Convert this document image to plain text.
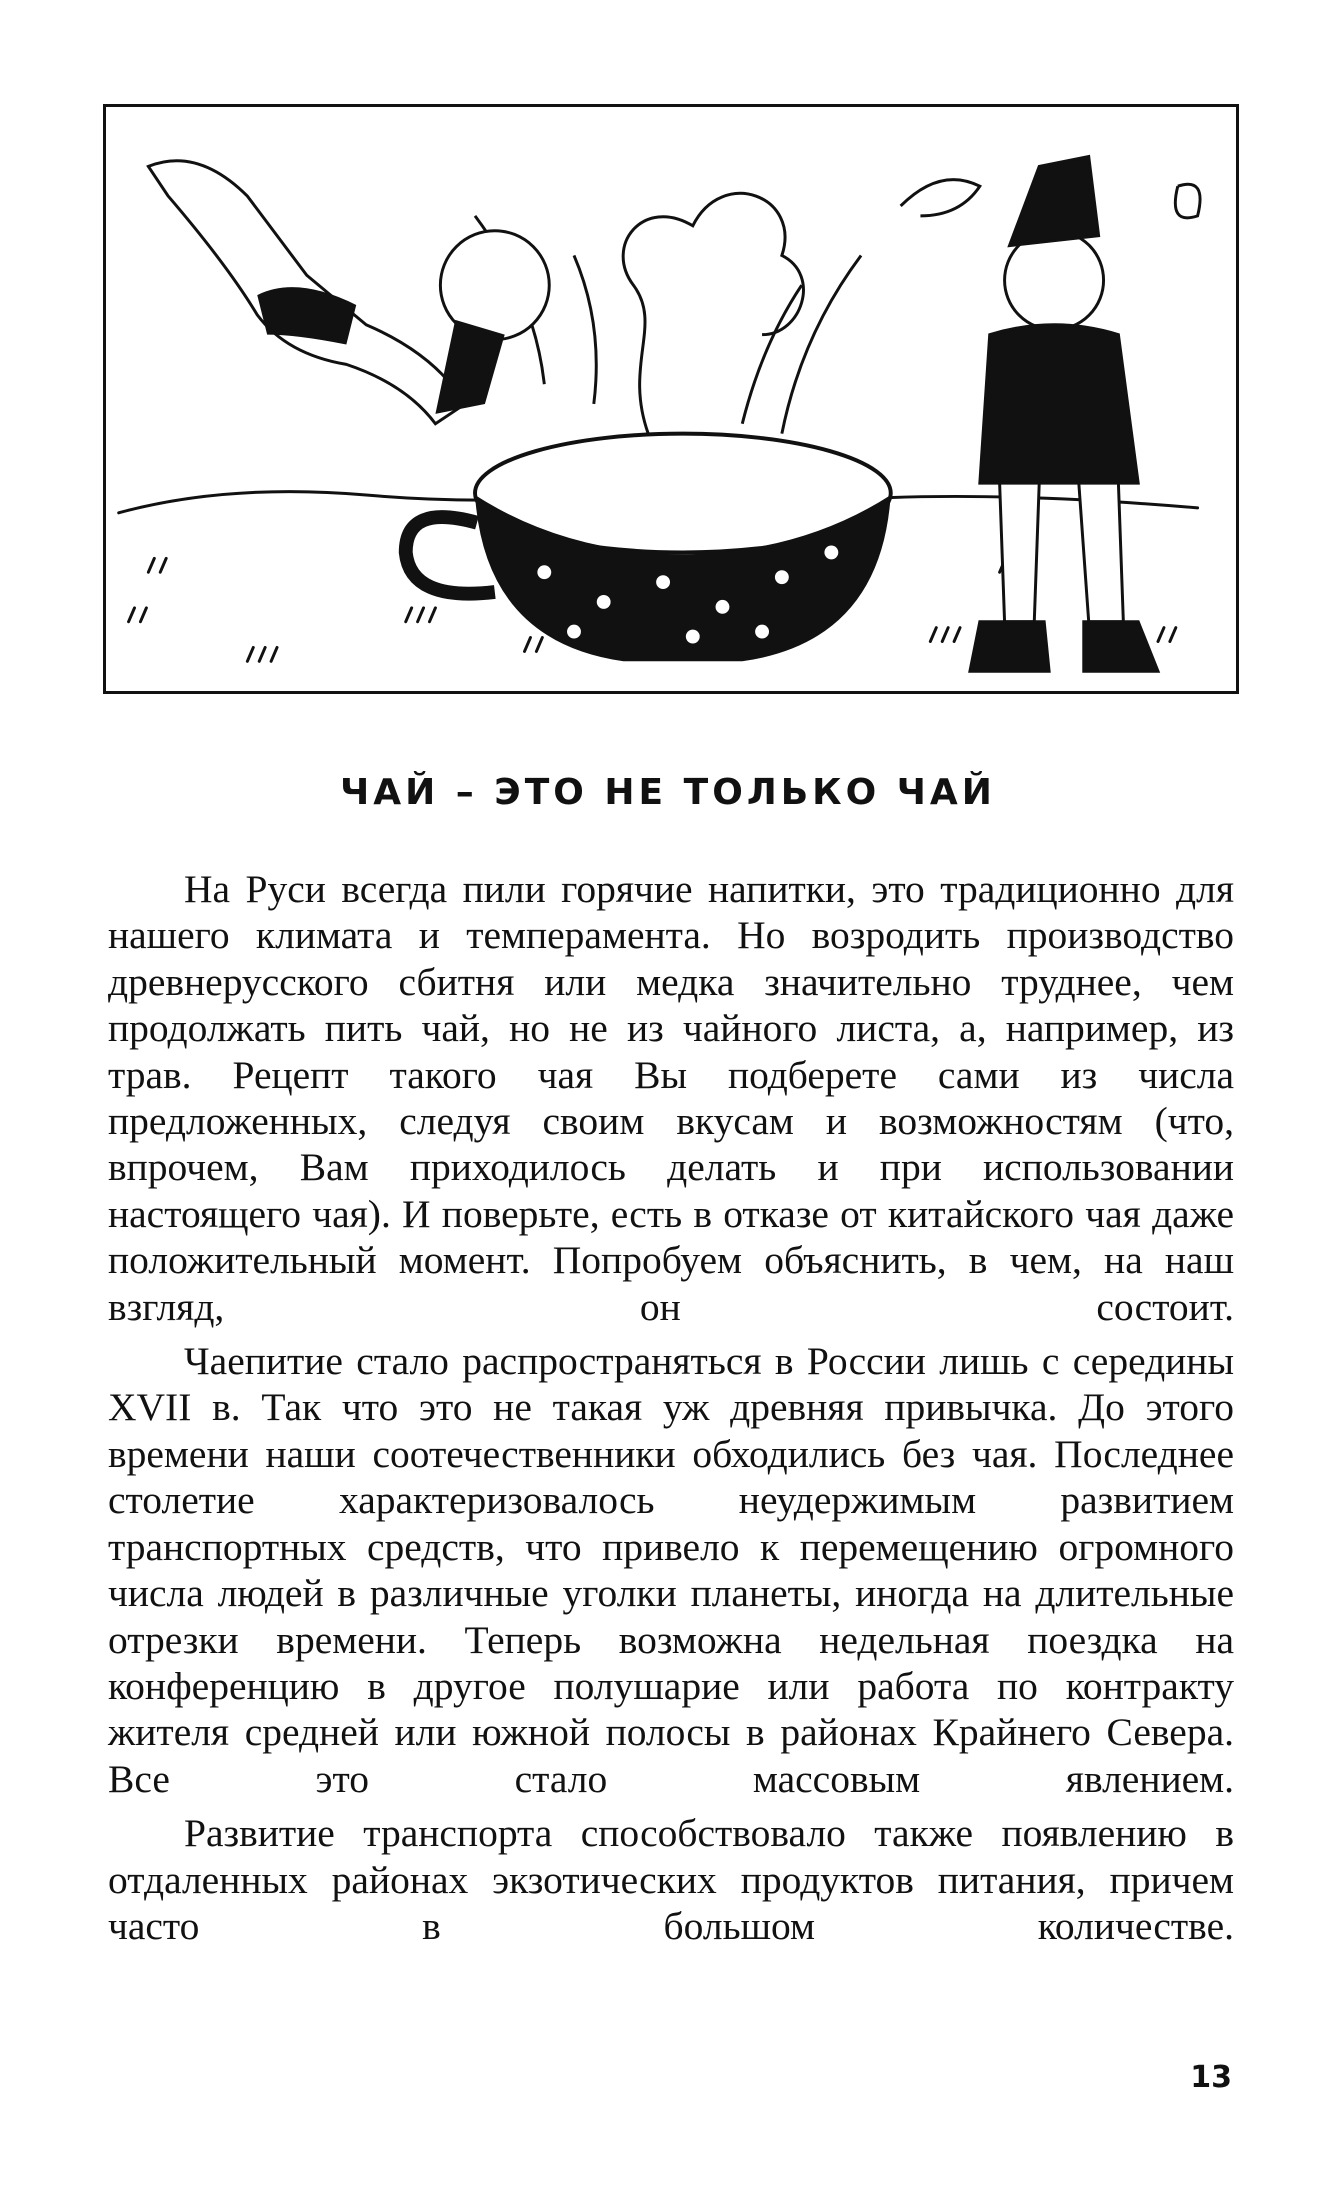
ЧАЙ – ЭТО НЕ ТОЛЬКО ЧАЙ

На Руси всегда пили горячие напитки, это традиционно для нашего климата и темперамента. Но возродить производство древнерусского сбитня или медка значительно труднее, чем продолжать пить чай, но не из чайного листа, а, например, из трав. Рецепт такого чая Вы подберете сами из числа предложенных, следуя своим вкусам и возможностям (что, впрочем, Вам приходилось делать и при использовании настоящего чая). И поверьте, есть в отказе от китайского чая даже положительный момент. Попробуем объяснить, в чем, на наш взгляд, он состоит.

Чаепитие стало распространяться в России лишь с середины XVII в. Так что это не такая уж древняя привычка. До этого времени наши соотечественники обходились без чая. Последнее столетие характеризовалось неудержимым развитием транспортных средств, что привело к перемещению огромного числа людей в различные уголки планеты, иногда на длительные отрезки времени. Теперь возможна недельная поездка на конференцию в другое полушарие или работа по контракту жителя средней или южной полосы в районах Крайнего Севера. Все это стало массовым явлением.

Развитие транспорта способствовало также появлению в отдаленных районах экзотических продуктов питания, причем часто в большом количестве.

13
